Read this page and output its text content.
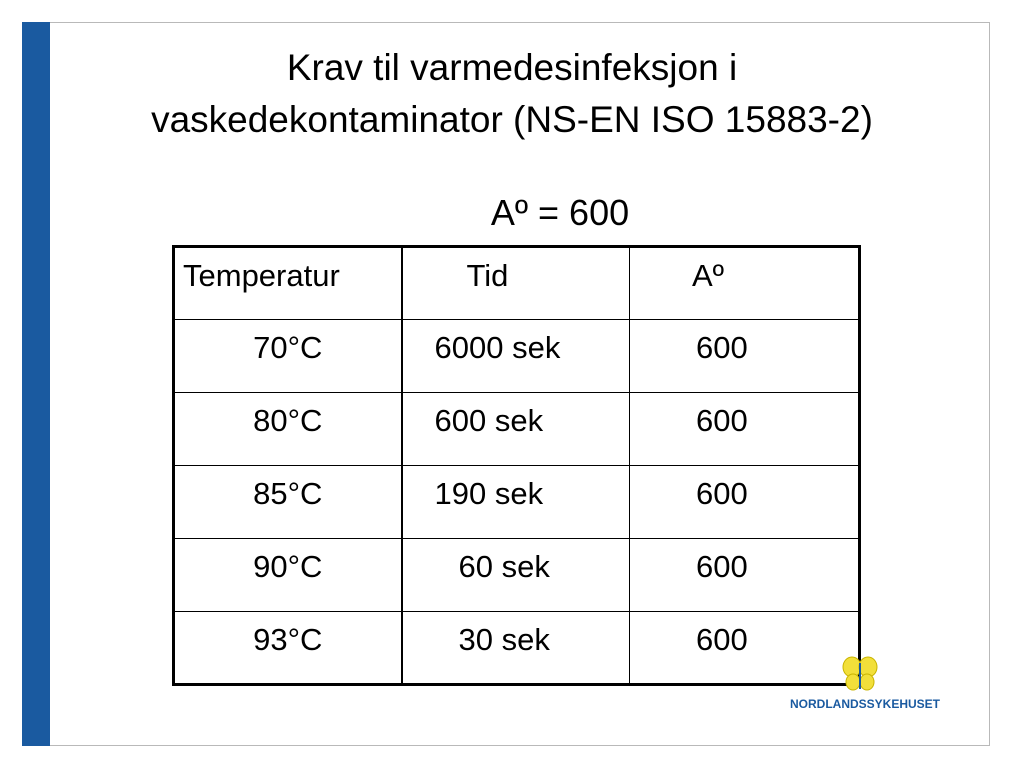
Krav til varmedesinfeksjon i
vaskedekontaminator (NS-EN ISO 15883-2)
Aº = 600
Temperatur	Tid	Aº
70°C	6000 sek	600
80°C	600 sek	600
85°C	190 sek	600
90°C	60 sek	600
93°C	30 sek	600
NORDLANDSSYKEHUSET
